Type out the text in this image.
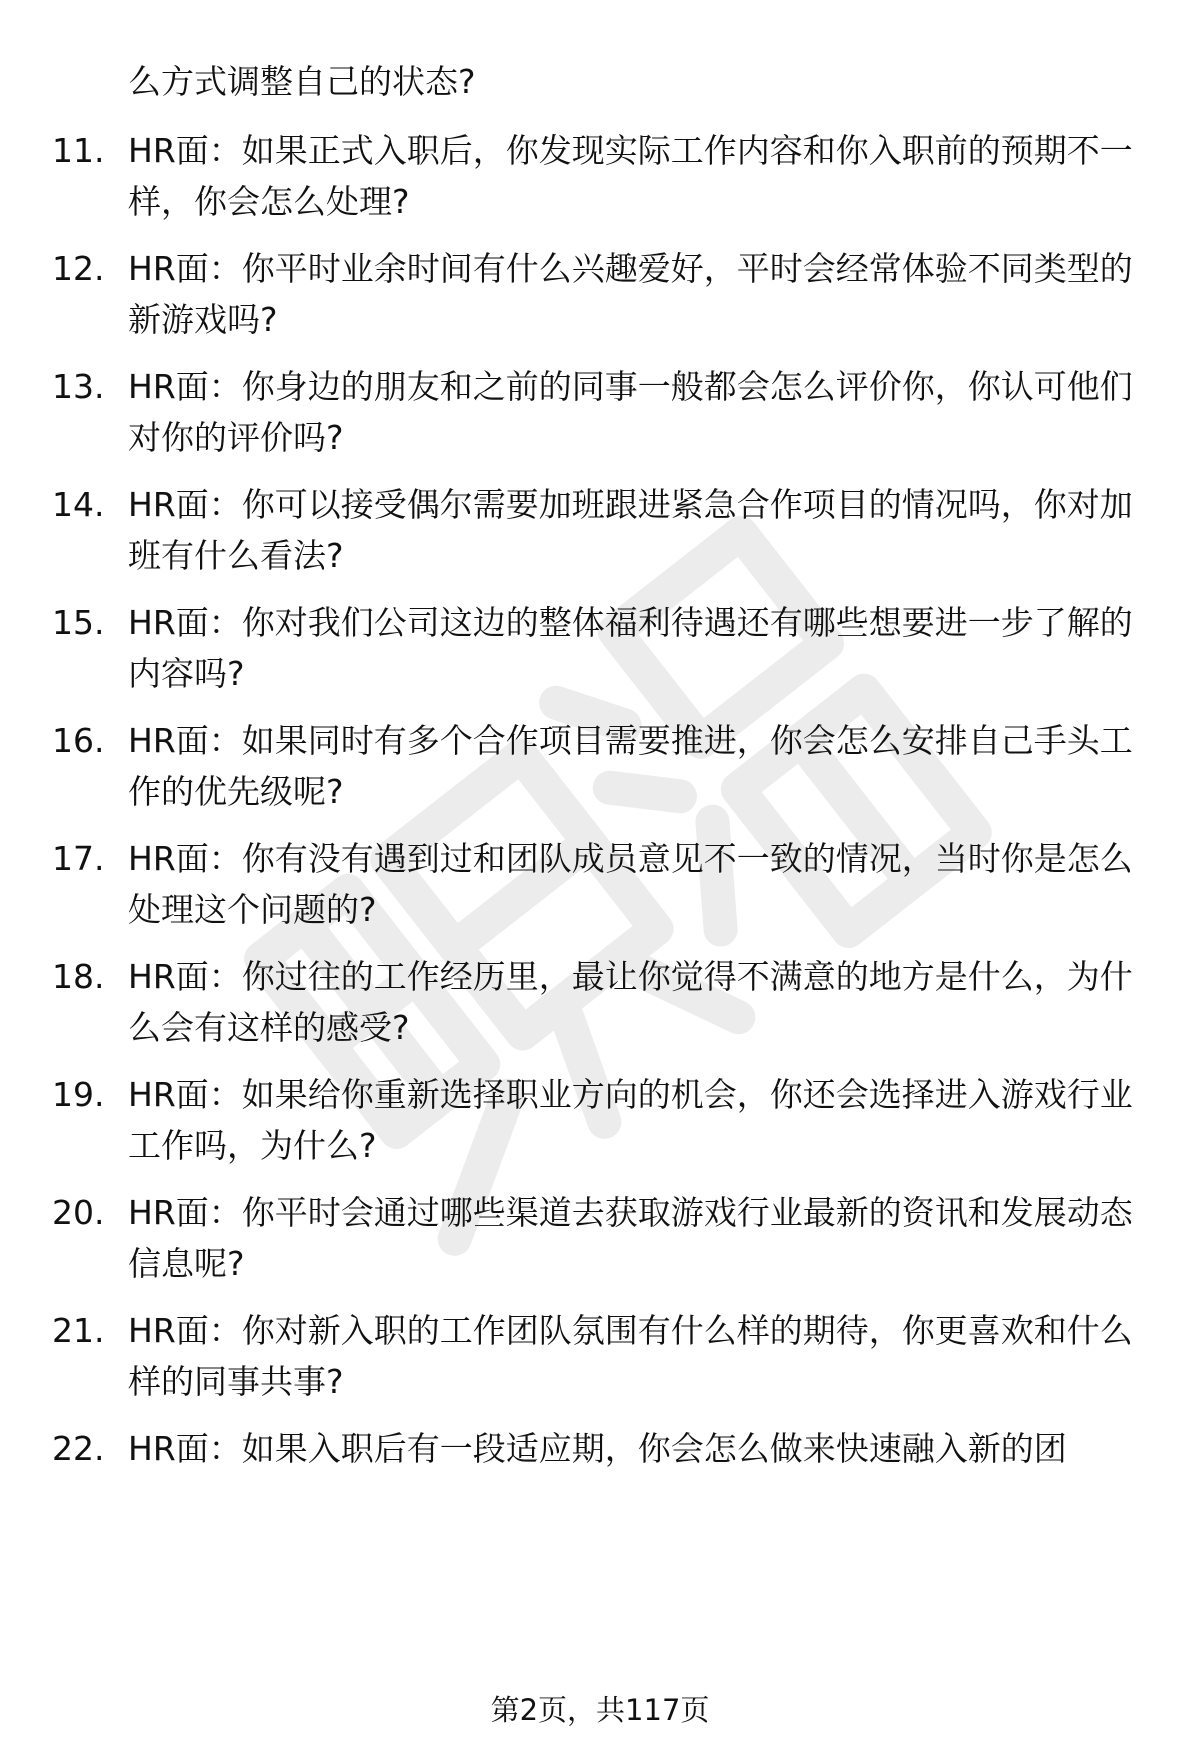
么方式调整自己的状态?
11. HR面：如果正式入职后，你发现实际工作内容和你入职前的预期不一样，你会怎么处理?
12. HR面：你平时业余时间有什么兴趣爱好，平时会经常体验不同类型的新游戏吗?
13. HR面：你身边的朋友和之前的同事一般都会怎么评价你，你认可他们对你的评价吗?
14. HR面：你可以接受偶尔需要加班跟进紧急合作项目的情况吗，你对加班有什么看法?
15. HR面：你对我们公司这边的整体福利待遇还有哪些想要进一步了解的内容吗?
16. HR面：如果同时有多个合作项目需要推进，你会怎么安排自己手头工作的优先级呢?
17. HR面：你有没有遇到过和团队成员意见不一致的情况，当时你是怎么处理这个问题的?
18. HR面：你过往的工作经历里，最让你觉得不满意的地方是什么，为什么会有这样的感受?
19. HR面：如果给你重新选择职业方向的机会，你还会选择进入游戏行业工作吗，为什么?
20. HR面：你平时会通过哪些渠道去获取游戏行业最新的资讯和发展动态信息呢?
21. HR面：你对新入职的工作团队氛围有什么样的期待，你更喜欢和什么样的同事共事?
22. HR面：如果入职后有一段适应期，你会怎么做来快速融入新的团
第2页，共117页
